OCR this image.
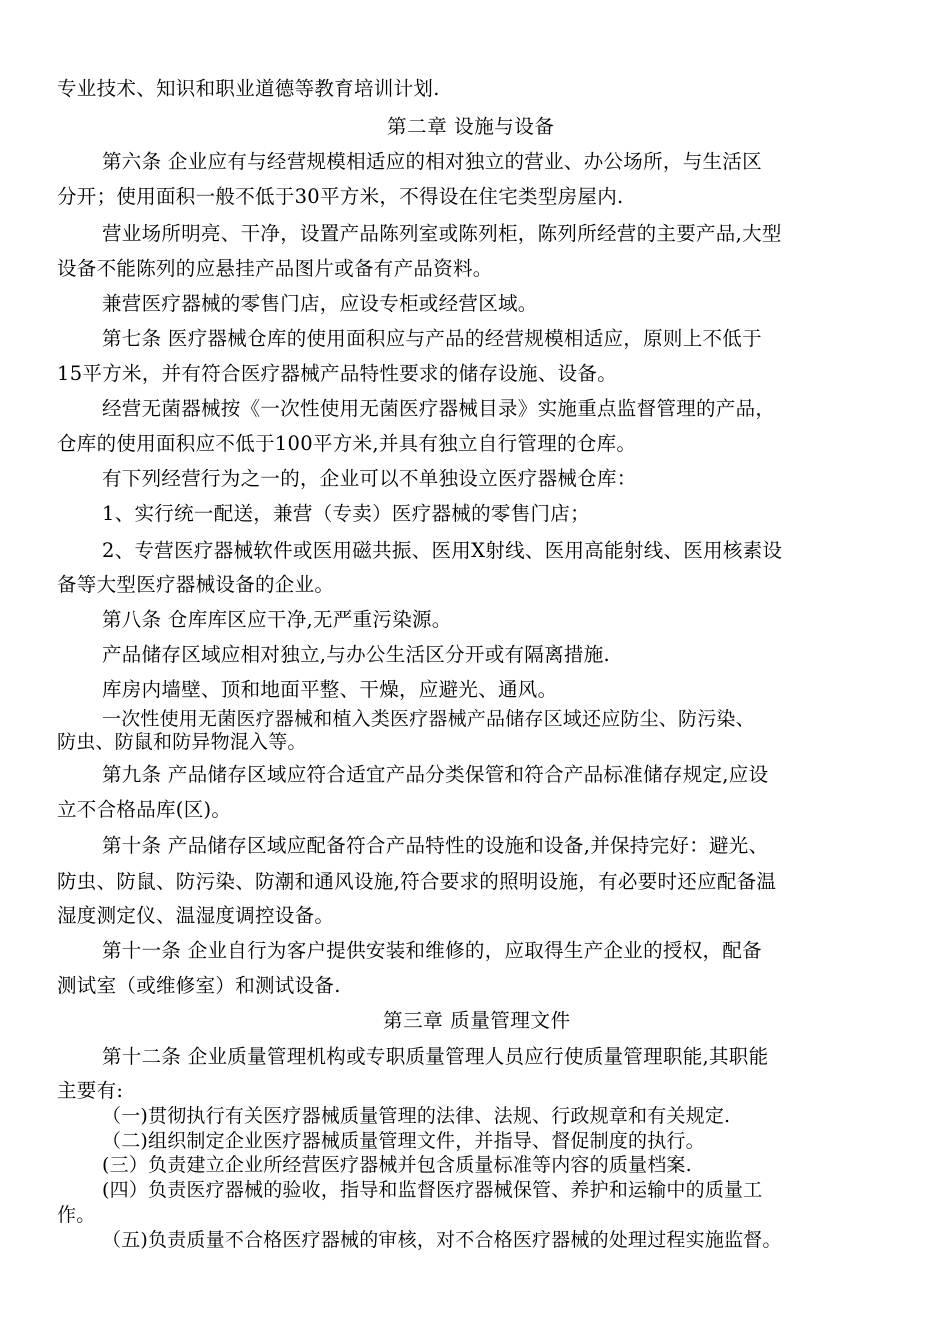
专业技术、知识和职业道德等教育培训计划.

第二章 设施与设备

第六条 企业应有与经营规模相适应的相对独立的营业、办公场所，与生活区

分开；使用面积一般不低于30平方米，不得设在住宅类型房屋内.

营业场所明亮、干净，设置产品陈列室或陈列柜，陈列所经营的主要产品,大型

设备不能陈列的应悬挂产品图片或备有产品资料。

兼营医疗器械的零售门店，应设专柜或经营区域。

第七条 医疗器械仓库的使用面积应与产品的经营规模相适应，原则上不低于

15平方米，并有符合医疗器械产品特性要求的储存设施、设备。

经营无菌器械按《一次性使用无菌医疗器械目录》实施重点监督管理的产品，

仓库的使用面积应不低于100平方米,并具有独立自行管理的仓库。

有下列经营行为之一的，企业可以不单独设立医疗器械仓库：

1、实行统一配送，兼营（专卖）医疗器械的零售门店；

2、专营医疗器械软件或医用磁共振、医用X射线、医用高能射线、医用核素设

备等大型医疗器械设备的企业。

第八条 仓库库区应干净,无严重污染源。

产品储存区域应相对独立,与办公生活区分开或有隔离措施.

库房内墙壁、顶和地面平整、干燥，应避光、通风。

一次性使用无菌医疗器械和植入类医疗器械产品储存区域还应防尘、防污染、

防虫、防鼠和防异物混入等。

第九条 产品储存区域应符合适宜产品分类保管和符合产品标准储存规定,应设

立不合格品库(区)。

第十条 产品储存区域应配备符合产品特性的设施和设备,并保持完好：避光、

防虫、防鼠、防污染、防潮和通风设施,符合要求的照明设施，有必要时还应配备温

湿度测定仪、温湿度调控设备。

第十一条 企业自行为客户提供安装和维修的，应取得生产企业的授权，配备

测试室（或维修室）和测试设备.

第三章 质量管理文件

第十二条 企业质量管理机构或专职质量管理人员应行使质量管理职能,其职能

主要有:

（一)贯彻执行有关医疗器械质量管理的法律、法规、行政规章和有关规定.

（二)组织制定企业医疗器械质量管理文件，并指导、督促制度的执行。

(三）负责建立企业所经营医疗器械并包含质量标准等内容的质量档案.

(四）负责医疗器械的验收，指导和监督医疗器械保管、养护和运输中的质量工

作。

（五)负责质量不合格医疗器械的审核，对不合格医疗器械的处理过程实施监督。
